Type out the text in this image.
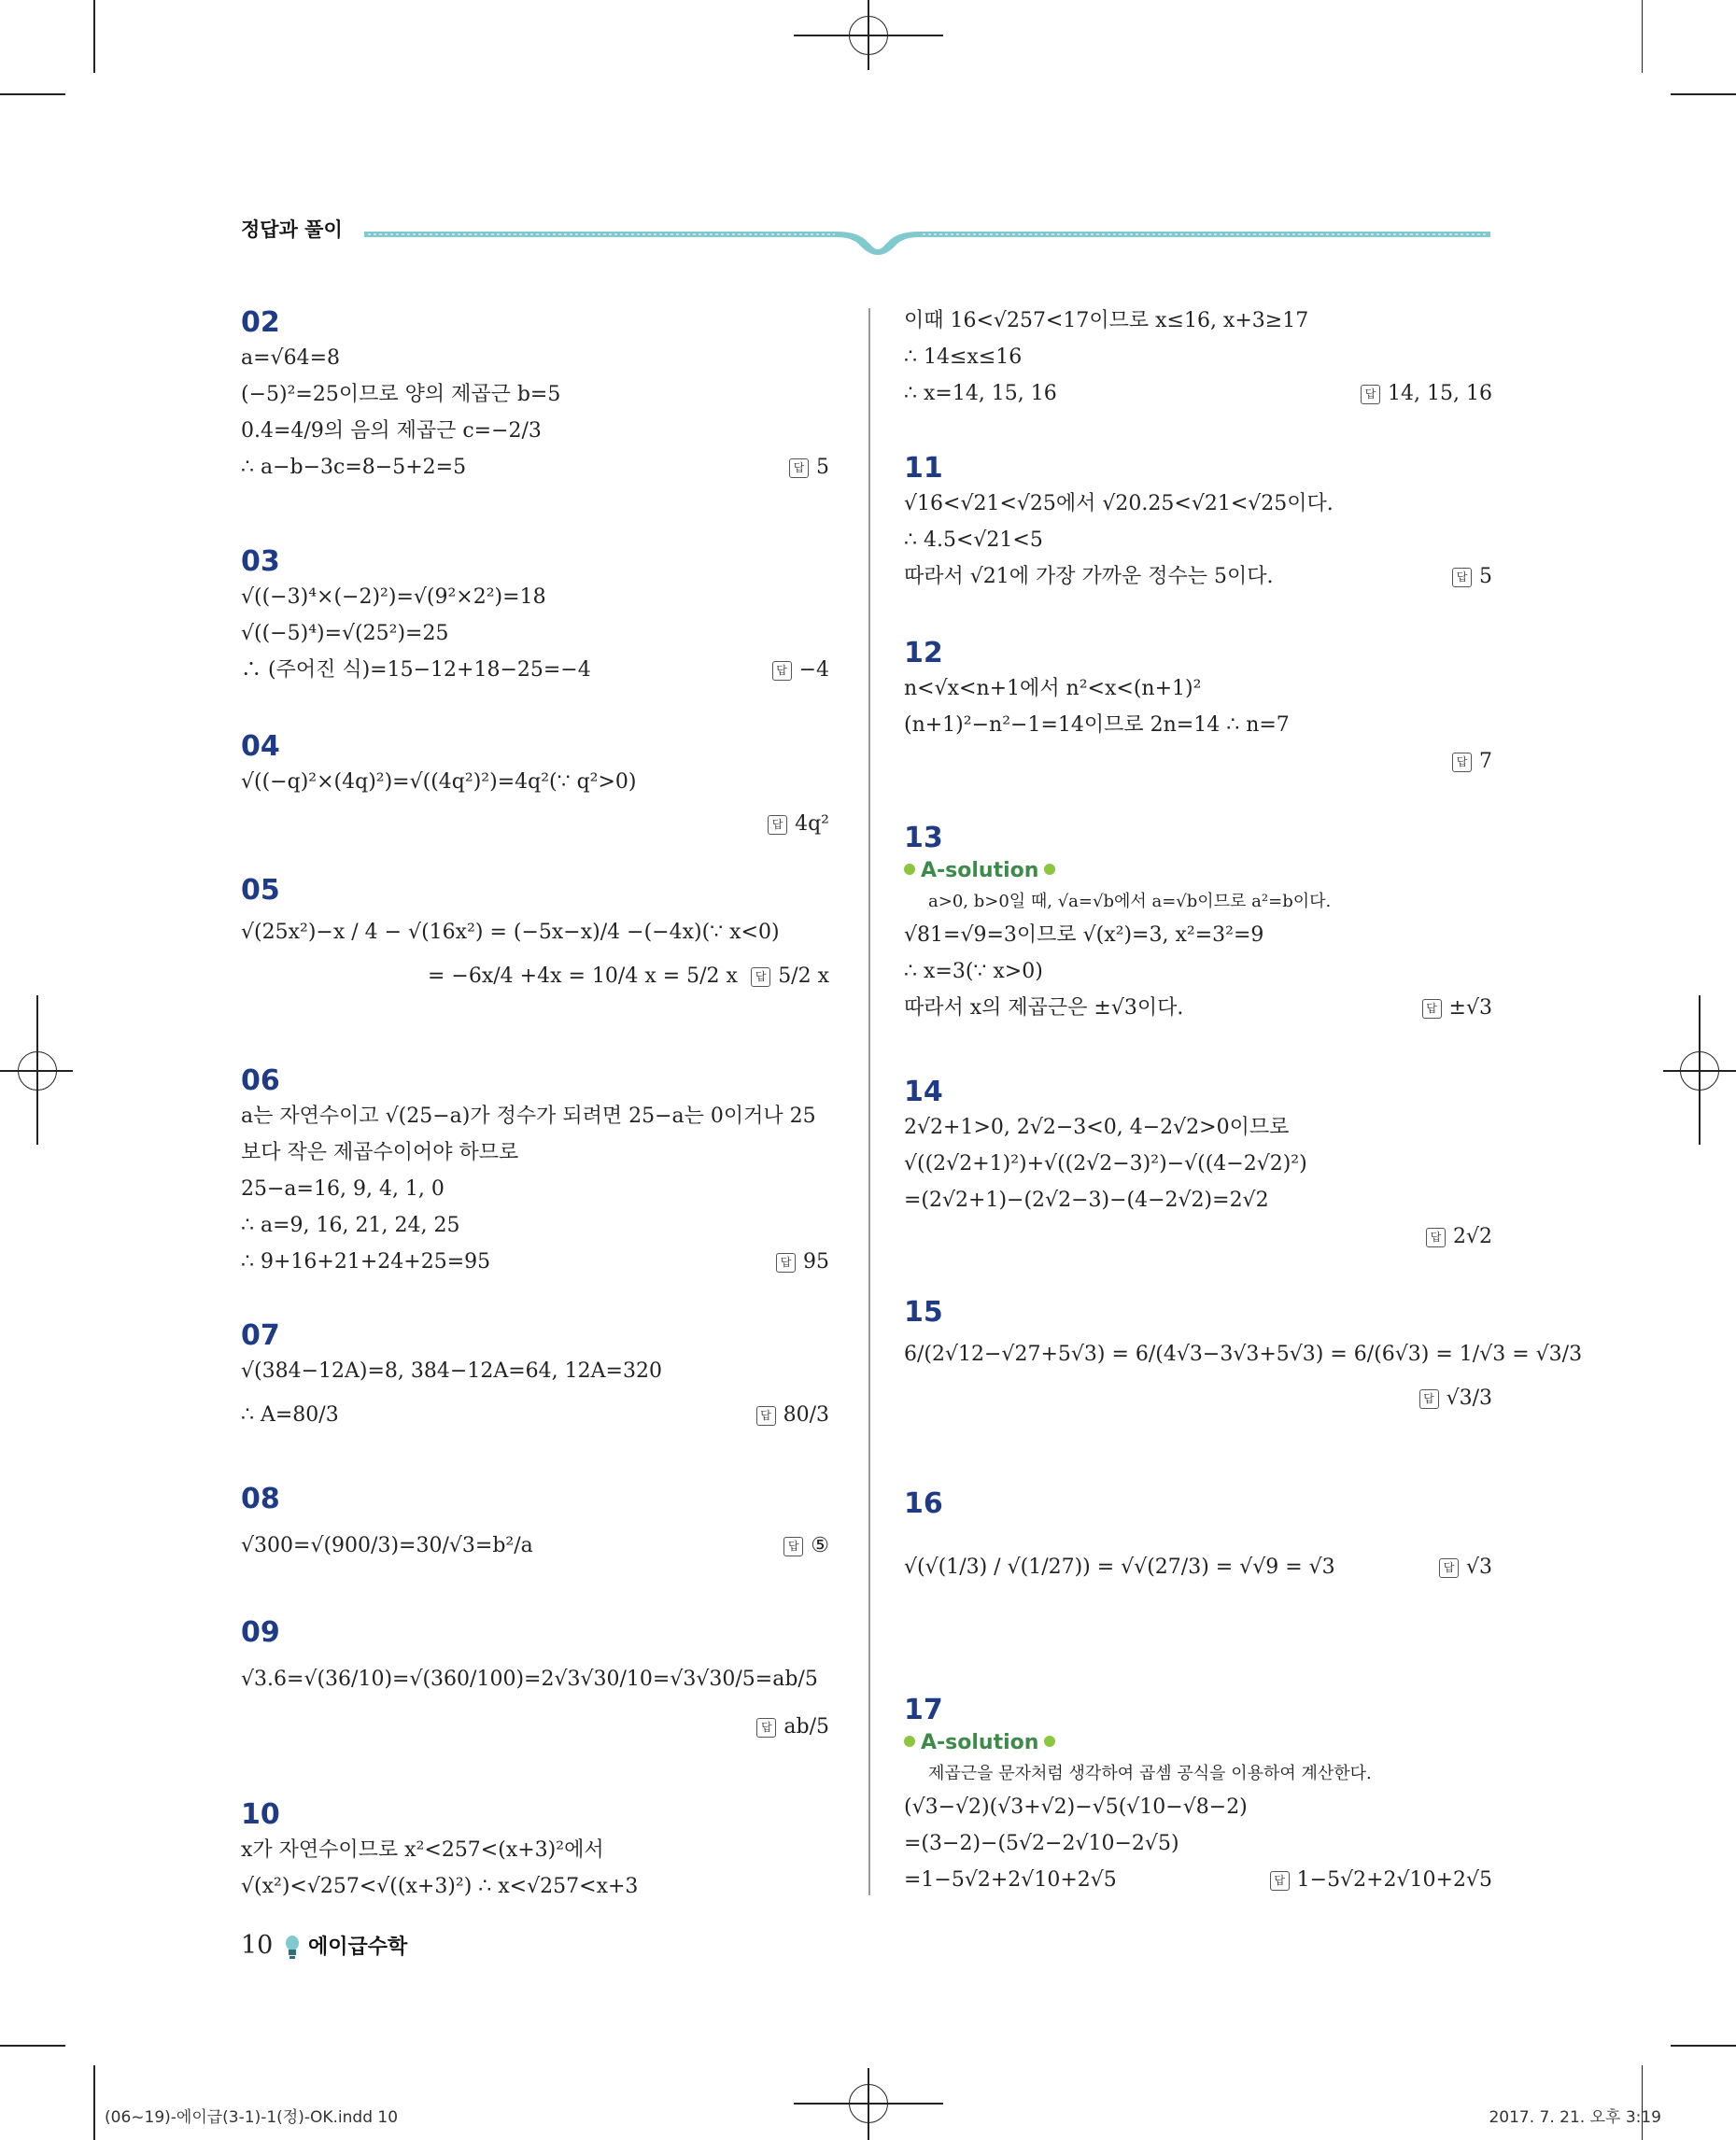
정답과 풀이
02
a=√64=8
(−5)²=25이므로 양의 제곱근 b=5
0.4̇=4/9의 음의 제곱근 c=−2/3
∴ a−b−3c=8−5+2=5	답 5
03
√((−3)⁴×(−2)²)=√(9²×2²)=18
√((−5)⁴)=√(25²)=25
∴ (주어진 식)=15−12+18−25=−4	답 −4
04
√((−q)²×(4q)²)=√((4q²)²)=4q²(∵ q²>0)
답 4q²
05
√(25x²)−x / 4 − √(16x²) = (−5x−x)/4 −(−4x)(∵ x<0)
= −6x/4 +4x = 10/4 x = 5/2 x	답 5/2 x
06
a는 자연수이고 √(25−a)가 정수가 되려면 25−a는 0이거나 25
보다 작은 제곱수이어야 하므로
25−a=16, 9, 4, 1, 0
∴ a=9, 16, 21, 24, 25
∴ 9+16+21+24+25=95	답 95
07
√(384−12A)=8, 384−12A=64, 12A=320
∴ A=80/3	답 80/3
08
√300=√(900/3)=30/√3=b²/a	답 ⑤
09
√3.6=√(36/10)=√(360/100)=2√3√30/10=√3√30/5=ab/5
답 ab/5
10
x가 자연수이므로 x²<257<(x+3)²에서
√(x²)<√257<√((x+3)²) ∴ x<√257<x+3
이때 16<√257<17이므로 x≤16, x+3≥17
∴ 14≤x≤16
∴ x=14, 15, 16	답 14, 15, 16
11
√16<√21<√25에서 √20.25<√21<√25이다.
∴ 4.5<√21<5
따라서 √21에 가장 가까운 정수는 5이다.	답 5
12
n<√x<n+1에서 n²<x<(n+1)²
(n+1)²−n²−1=14이므로 2n=14 ∴ n=7
답 7
13
A-solution
a>0, b>0일 때, √a=√b에서 a=√b이므로 a²=b이다.
√81=√9=3이므로 √(x²)=3, x²=3²=9
∴ x=3(∵ x>0)
따라서 x의 제곱근은 ±√3이다.	답 ±√3
14
2√2+1>0, 2√2−3<0, 4−2√2>0이므로
√((2√2+1)²)+√((2√2−3)²)−√((4−2√2)²)
=(2√2+1)−(2√2−3)−(4−2√2)=2√2
답 2√2
15
6/(2√12−√27+5√3) = 6/(4√3−3√3+5√3) = 6/(6√3) = 1/√3 = √3/3
답 √3/3
16
√(√(1/3) / √(1/27)) = √√(27/3) = √√9 = √3	답 √3
17
A-solution
제곱근을 문자처럼 생각하여 곱셈 공식을 이용하여 계산한다.
(√3−√2)(√3+√2)−√5(√10−√8−2)
=(3−2)−(5√2−2√10−2√5)
=1−5√2+2√10+2√5	답 1−5√2+2√10+2√5
10 에이급수학
(06~19)-에이급(3-1)-1(정)-OK.indd 10	2017. 7. 21. 오후 3:19
